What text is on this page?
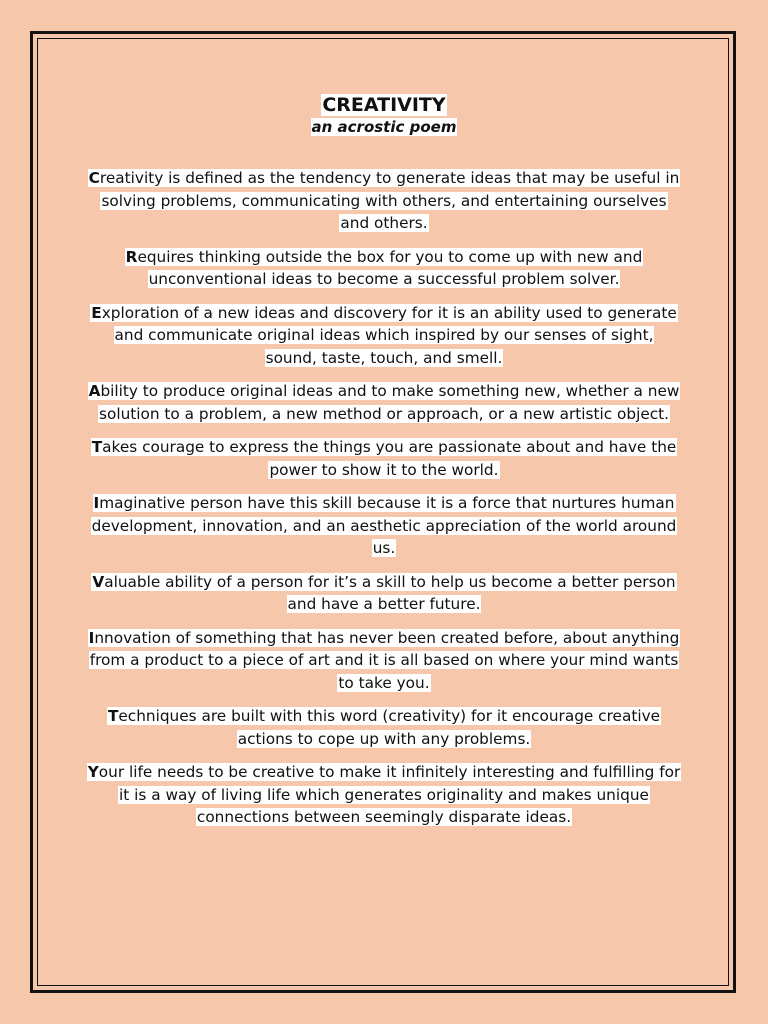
CREATIVITY

an acrostic poem

Creativity is defined as the tendency to generate ideas that may be useful in solving problems, communicating with others, and entertaining ourselves and others.

Requires thinking outside the box for you to come up with new and unconventional ideas to become a successful problem solver.

Exploration of a new ideas and discovery for it is an ability used to generate and communicate original ideas which inspired by our senses of sight, sound, taste, touch, and smell.

Ability to produce original ideas and to make something new, whether a new solution to a problem, a new method or approach, or a new artistic object.

Takes courage to express the things you are passionate about and have the power to show it to the world.

Imaginative person have this skill because it is a force that nurtures human development, innovation, and an aesthetic appreciation of the world around us.

Valuable ability of a person for it’s a skill to help us become a better person and have a better future.

Innovation of something that has never been created before, about anything from a product to a piece of art and it is all based on where your mind wants to take you.

Techniques are built with this word (creativity) for it encourage creative actions to cope up with any problems.

Your life needs to be creative to make it infinitely interesting and fulfilling for it is a way of living life which generates originality and makes unique connections between seemingly disparate ideas.
